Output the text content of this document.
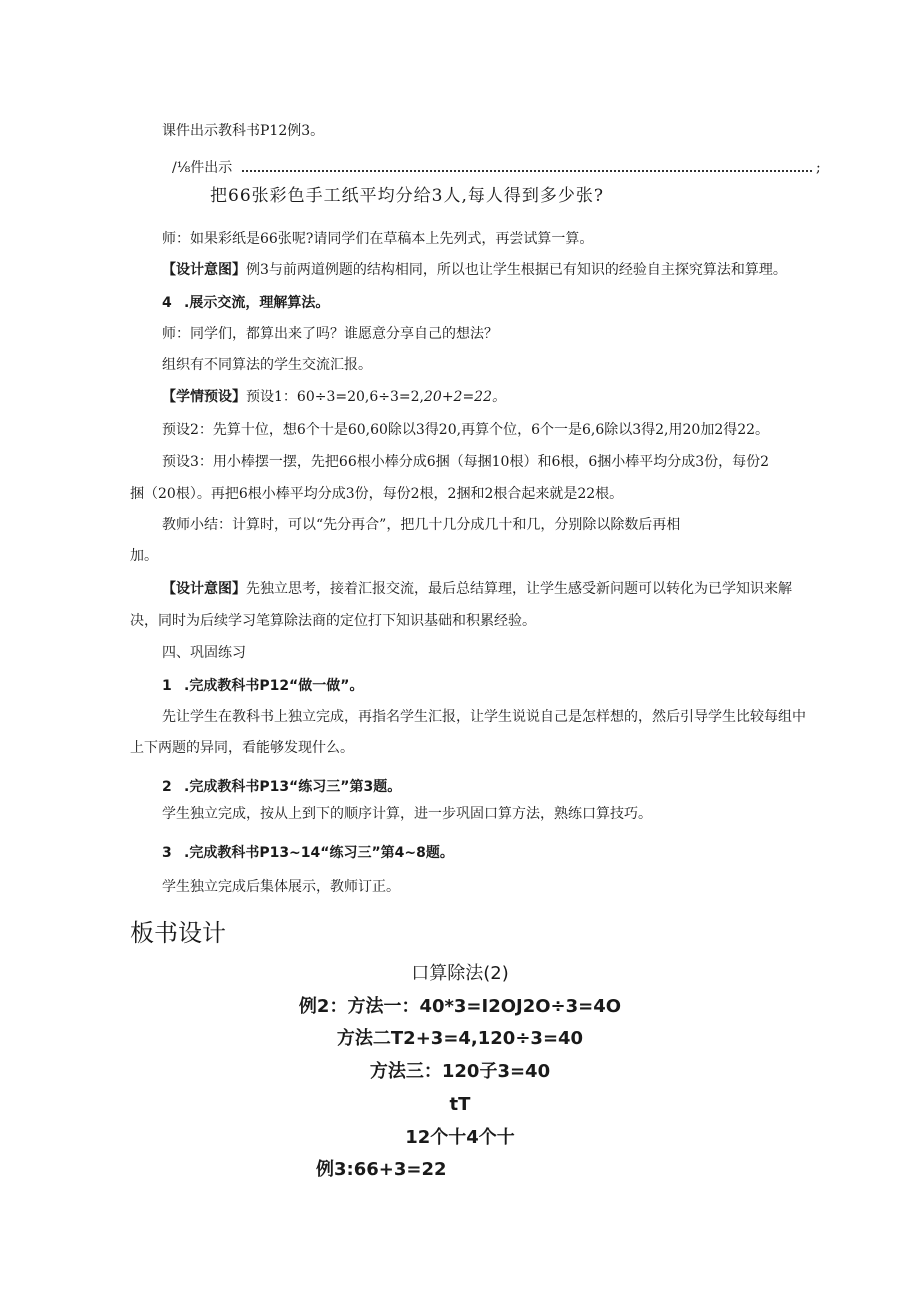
课件出示教科书P12例3。
/⅛件出示	;
把66张彩色手工纸平均分给3人,每人得到多少张?
师：如果彩纸是66张呢?请同学们在草稿本上先列式，再尝试算一算。
【设计意图】例3与前两道例题的结构相同，所以也让学生根据已有知识的经验自主探究算法和算理。
4 .展示交流，理解算法。
师：同学们，都算出来了吗？谁愿意分享自己的想法？
组织有不同算法的学生交流汇报。
【学情预设】预设1：60÷3=20,6÷3=2,20+2=22。
预设2：先算十位，想6个十是60,60除以3得20,再算个位，6个一是6,6除以3得2,用20加2得22。
预设3：用小棒摆一摆，先把66根小棒分成6捆（每捆10根）和6根，6捆小棒平均分成3份，每份2
捆（20根）。再把6根小棒平均分成3份，每份2根，2捆和2根合起来就是22根。
教师小结：计算时，可以“先分再合”，把几十几分成几十和几，分别除以除数后再相
加。
【设计意图】先独立思考，接着汇报交流，最后总结算理，让学生感受新问题可以转化为已学知识来解
决，同时为后续学习笔算除法商的定位打下知识基础和积累经验。
四、巩固练习
1 .完成教科书P12“做一做”。
先让学生在教科书上独立完成，再指名学生汇报，让学生说说自己是怎样想的，然后引导学生比较每组中
上下两题的异同，看能够发现什么。
2 .完成教科书P13“练习三”第3题。
学生独立完成，按从上到下的顺序计算，进一步巩固口算方法，熟练口算技巧。
3 .完成教科书P13~14“练习三”第4~8题。
学生独立完成后集体展示，教师订正。
板书设计
口算除法(2)
例2：方法一：40*3=I2OJ2O÷3=4O
方法二T2+3=4,120÷3=40
方法三：120子3=40
tT
12个十4个十
例3:66+3=22
